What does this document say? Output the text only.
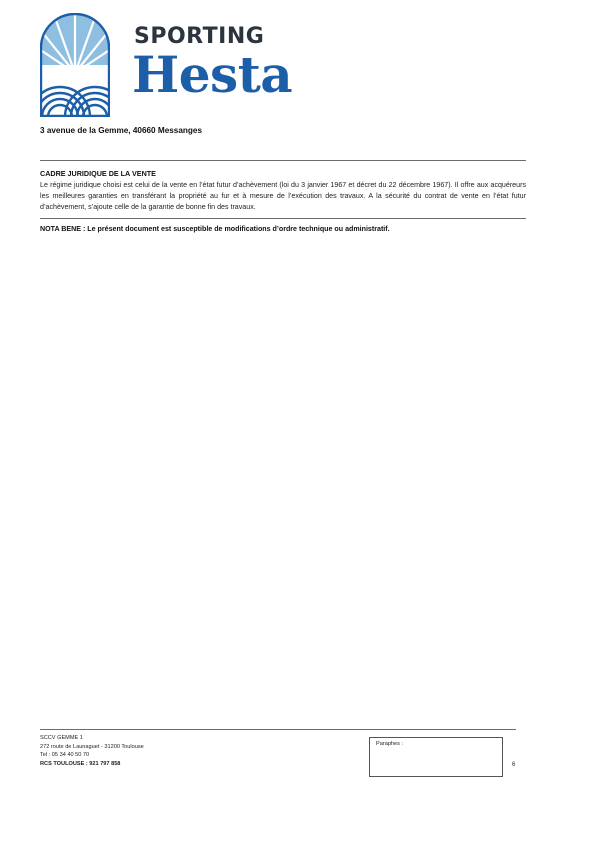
SPORTING
Hesta
3 avenue de la Gemme, 40660 Messanges
CADRE JURIDIQUE DE LA VENTE
Le régime juridique choisi est celui de la vente en l’état futur d’achèvement (loi du 3 janvier 1967 et décret du 22 décembre 1967). Il offre aux acquéreurs les meilleures garanties en transférant la propriété au fur et à mesure de l’exécution des travaux. A la sécurité du contrat de vente en l’état futur d’achèvement, s’ajoute celle de la garantie de bonne fin des travaux.
NOTA BENE : Le présent document est susceptible de modifications d’ordre technique ou administratif.
SCCV GEMME 1
272 route de Launaguet - 31200 Toulouse
Tel : 05 34 40 50 70
RCS TOULOUSE : 921 797 858
Paraphes :
6
